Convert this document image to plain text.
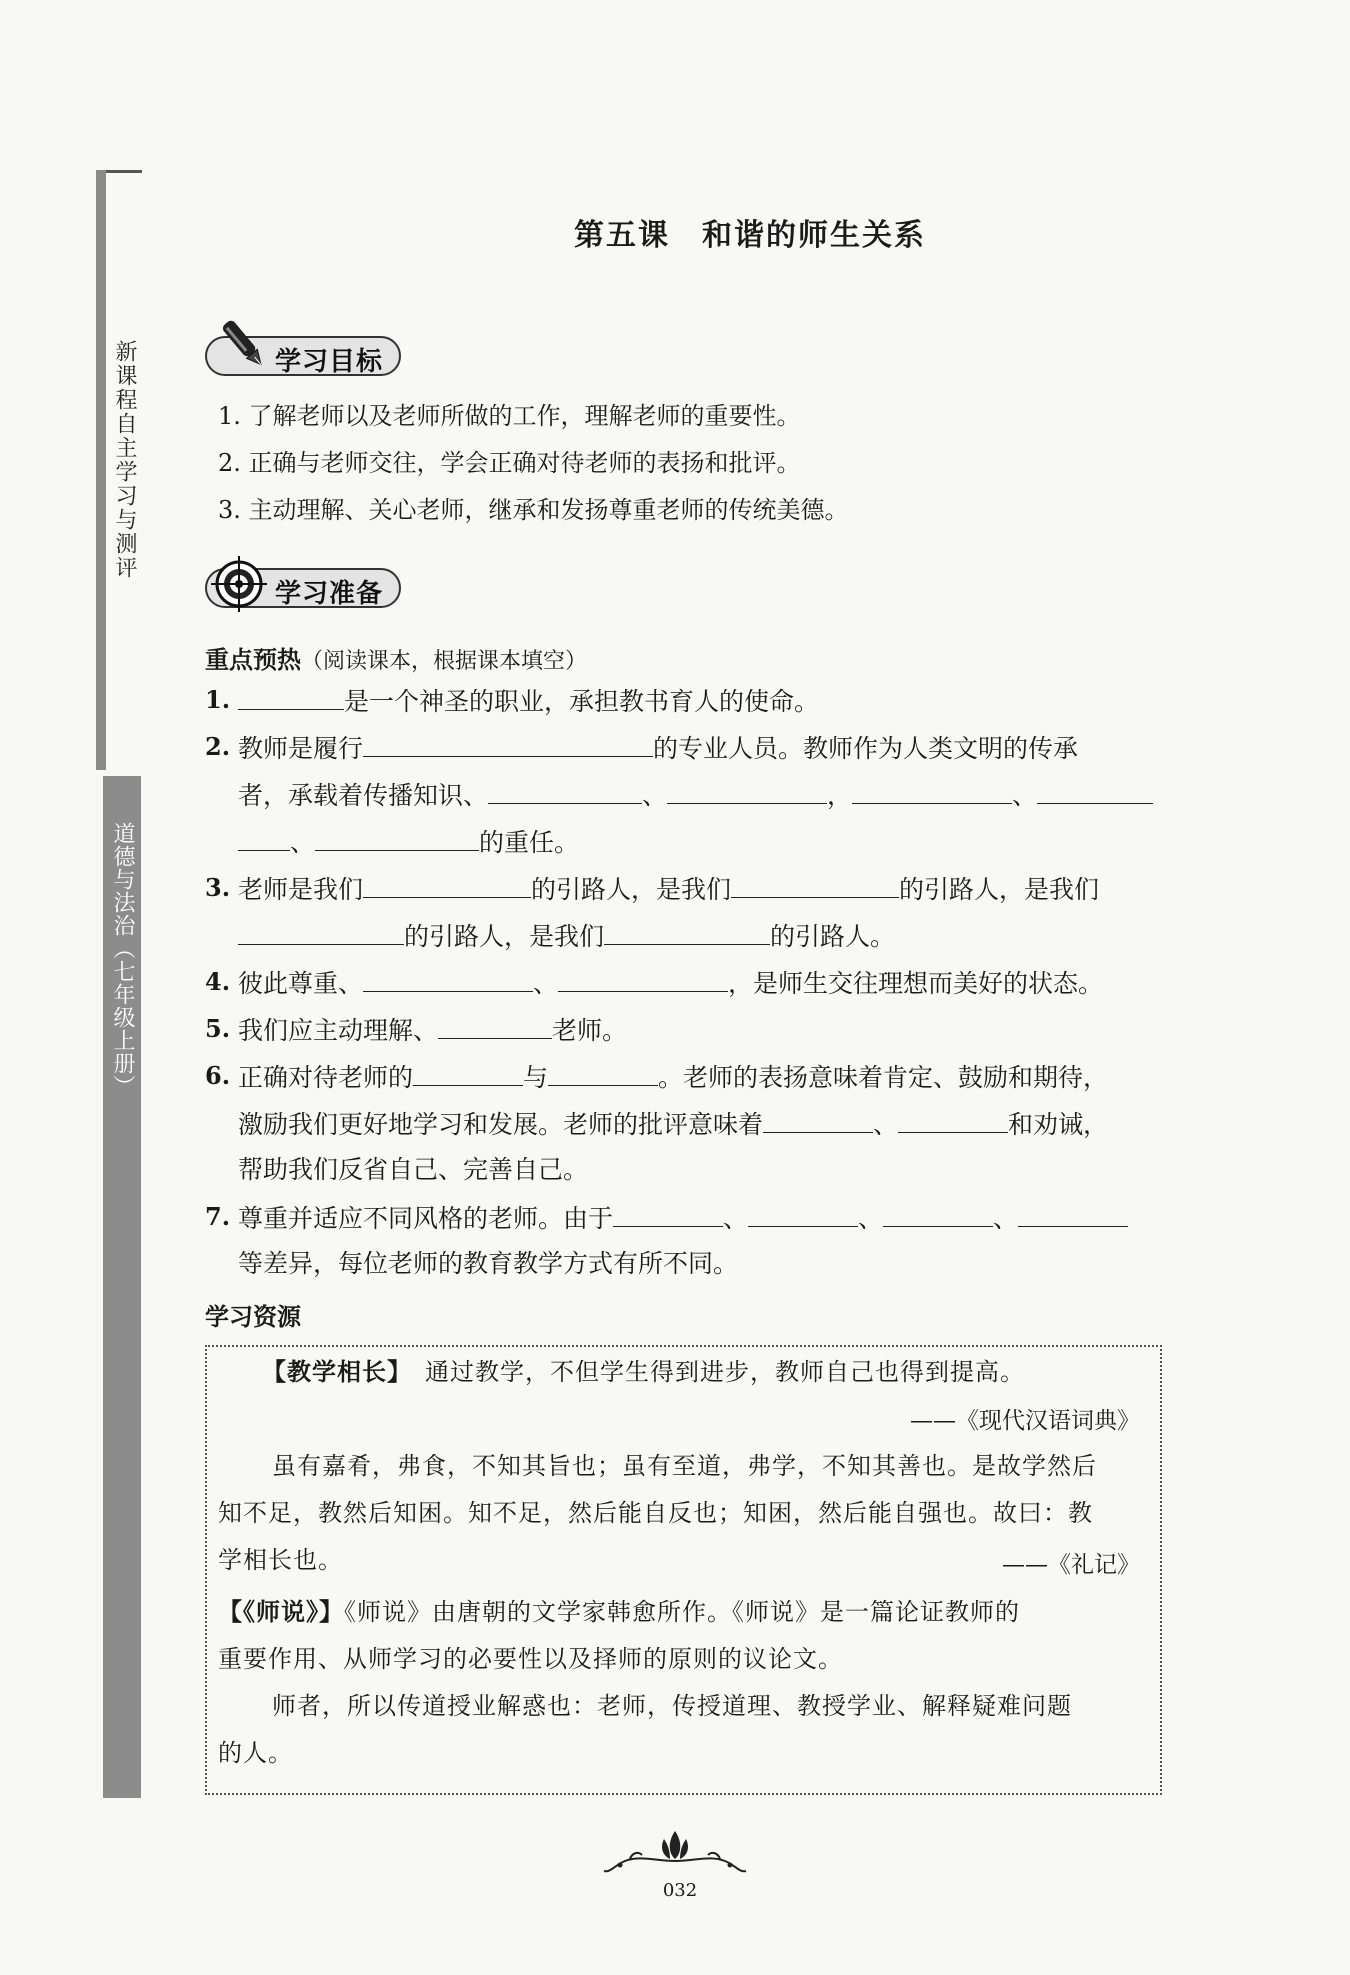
新课程自主学习与测评
道德与法治（七年级上册）
第五课　和谐的师生关系
学习目标
1. 了解老师以及老师所做的工作，理解老师的重要性。
2. 正确与老师交往，学会正确对待老师的表扬和批评。
3. 主动理解、关心老师，继承和发扬尊重老师的传统美德。
学习准备
重点预热（阅读课本，根据课本填空）
1.	是一个神圣的职业，承担教书育人的使命。
2. 教师是履行	的专业人员。教师作为人类文明的传承
者，承载着传播知识、	、	，	、
、	的重任。
3. 老师是我们	的引路人，是我们	的引路人，是我们
的引路人，是我们	的引路人。
4. 彼此尊重、	、	，是师生交往理想而美好的状态。
5. 我们应主动理解、	老师。
6. 正确对待老师的	与	。老师的表扬意味着肯定、鼓励和期待，
激励我们更好地学习和发展。老师的批评意味着	、	和劝诫，
帮助我们反省自己、完善自己。
7. 尊重并适应不同风格的老师。由于	、	、	、
等差异，每位老师的教育教学方式有所不同。
学习资源
【教学相长】　 通过教学，不但学生得到进步，教师自己也得到提高。
——《现代汉语词典》
虽有嘉肴，弗食，不知其旨也；虽有至道，弗学，不知其善也。是故学然后
知不足，教然后知困。知不足，然后能自反也；知困，然后能自强也。故曰：教
学相长也。	——《礼记》
【《师说》】《师说》由唐朝的文学家韩愈所作。《师说》是一篇论证教师的
重要作用、从师学习的必要性以及择师的原则的议论文。
师者，所以传道授业解惑也：老师，传授道理、教授学业、解释疑难问题
的人。
032
